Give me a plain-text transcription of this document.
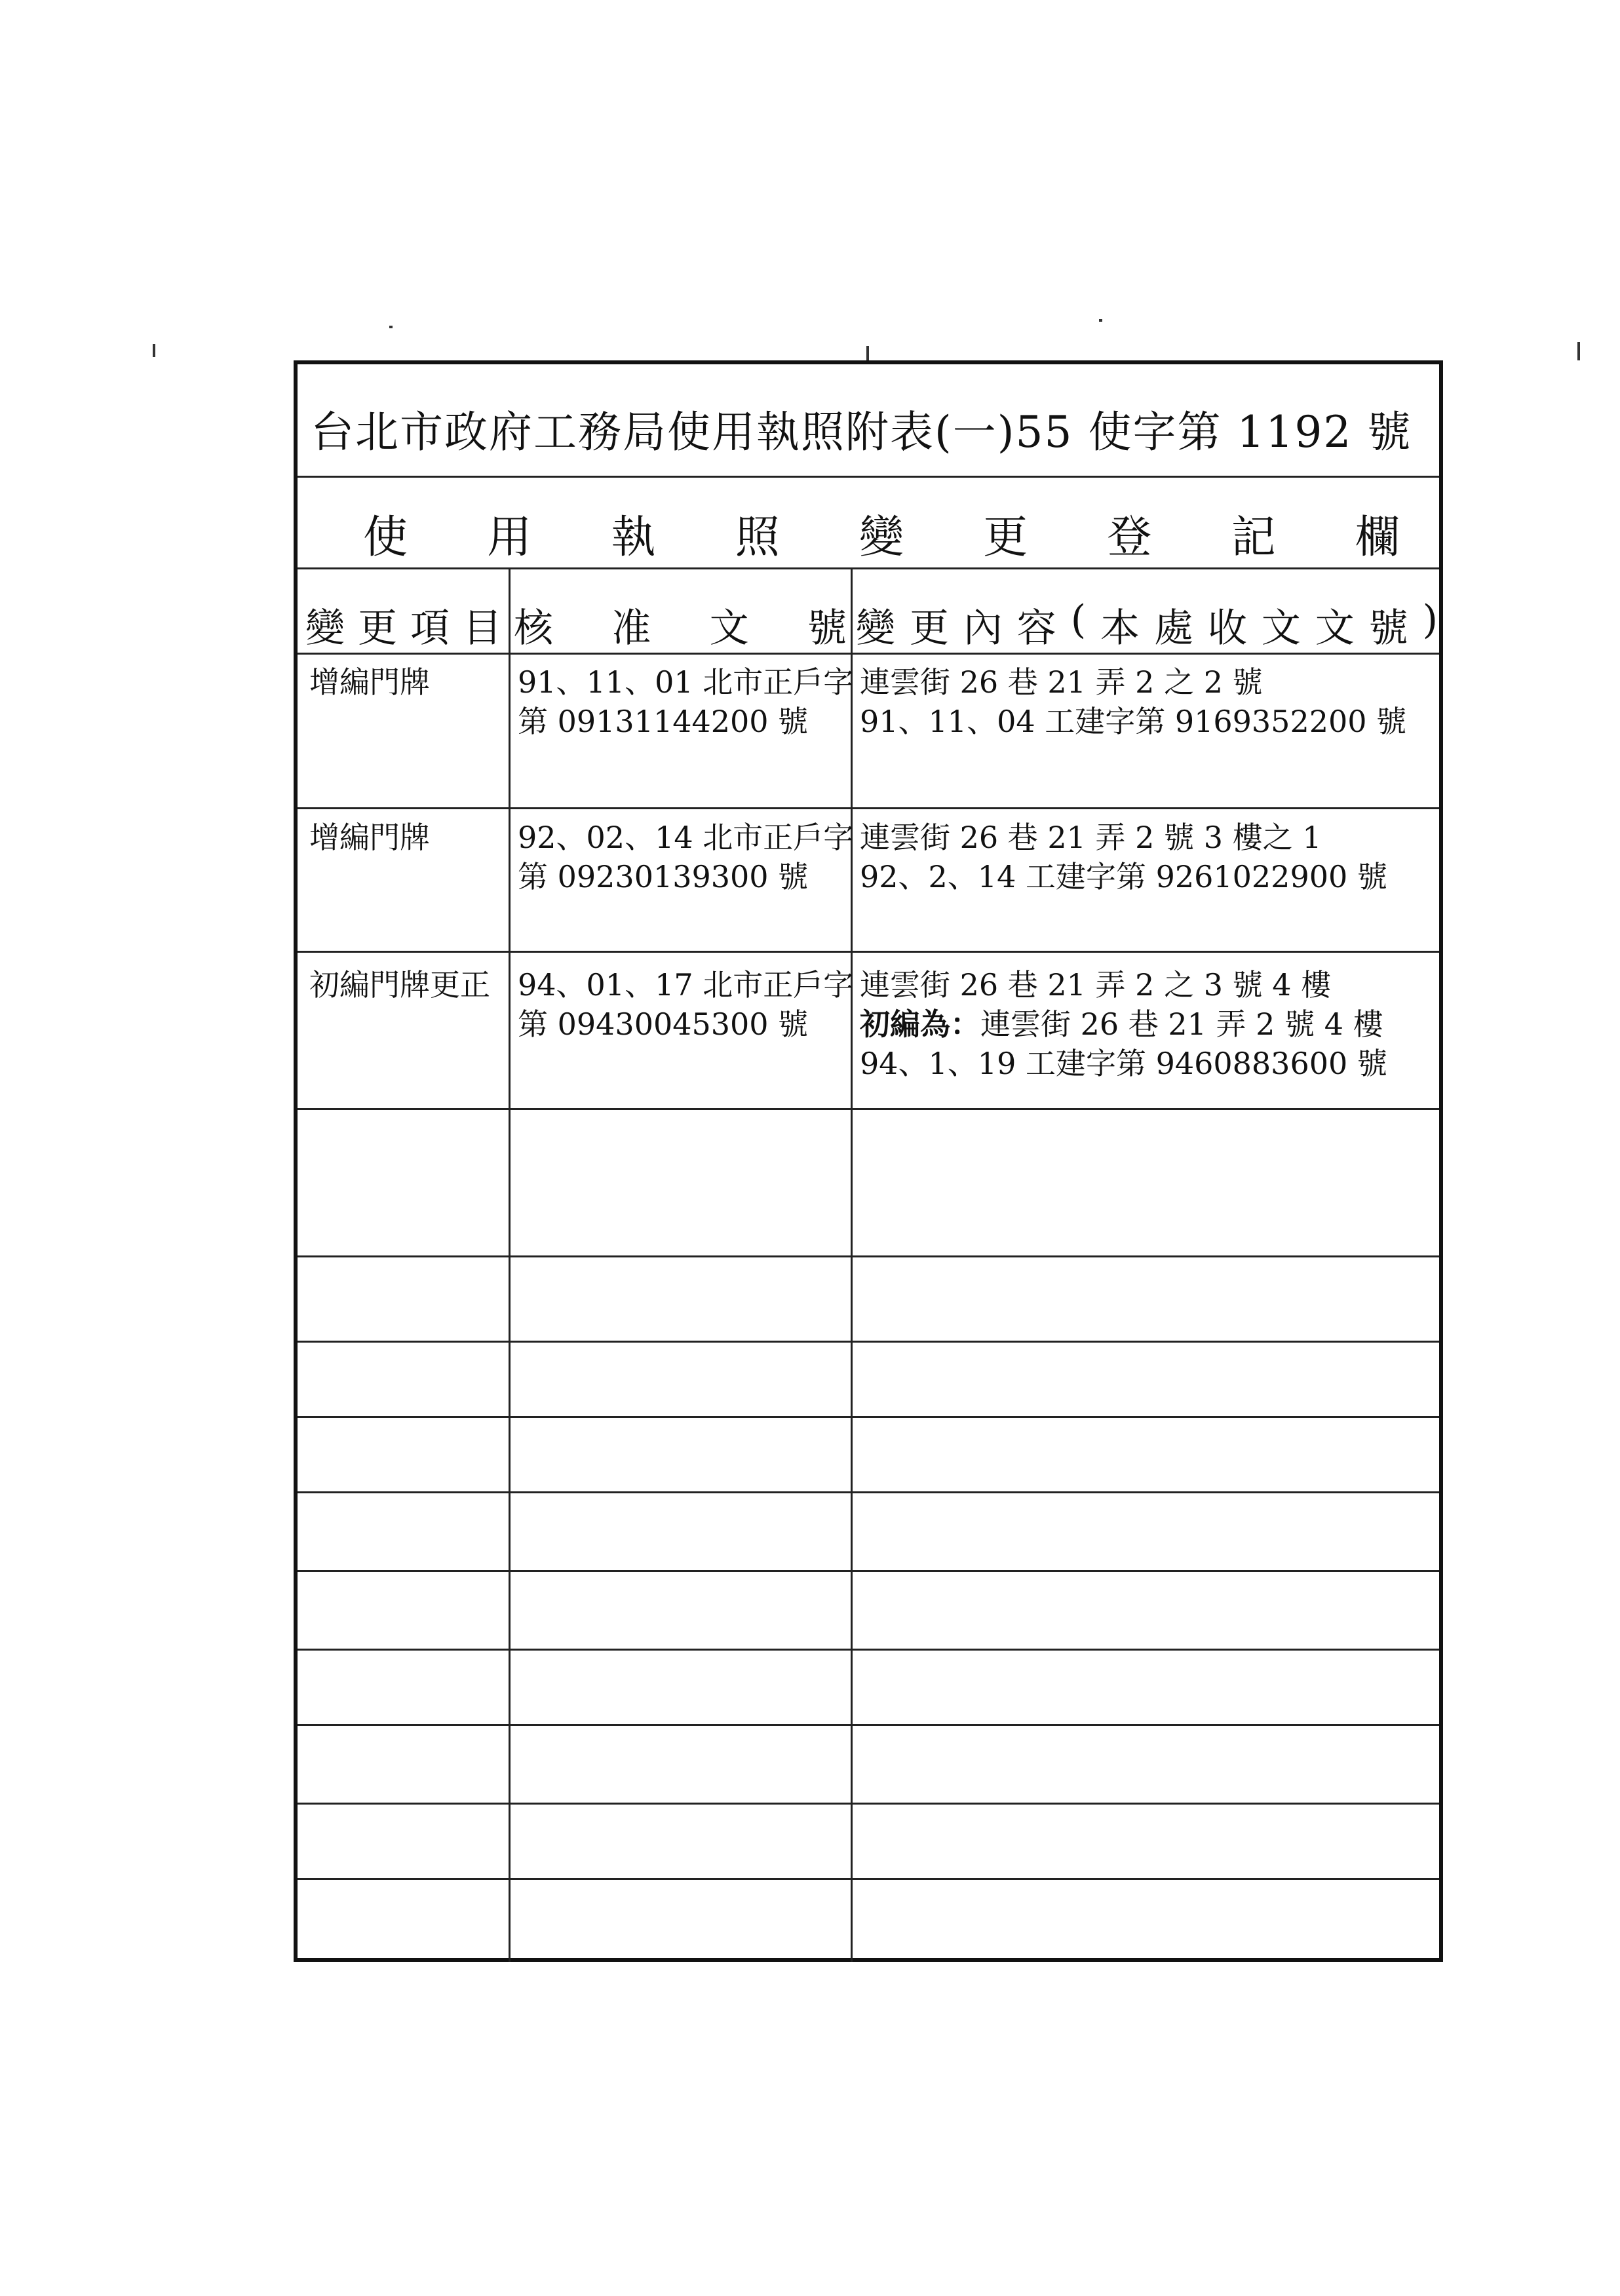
台北市政府工務局使用執照附表(一)55 使字第 1192 號
使 用 執 照 變 更 登 記 欄
變 更 項 目 核 准 文 號 變 更 內 容 ( 本 處 收 文 文 號 )
增編門牌	91、11、01 北市正戶字
第 09131144200 號
連雲街 26 巷 21 弄 2 之 2 號
91、11、04 工建字第 9169352200 號
增編門牌	92、02、14 北市正戶字
第 09230139300 號
連雲街 26 巷 21 弄 2 號 3 樓之 1
92、2、14 工建字第 9261022900 號
初編門牌更正 94、01、17 北市正戶字
第 09430045300 號
連雲街 26 巷 21 弄 2 之 3 號 4 樓
初編為：連雲街 26 巷 21 弄 2 號 4 樓
94、1、19 工建字第 9460883600 號
